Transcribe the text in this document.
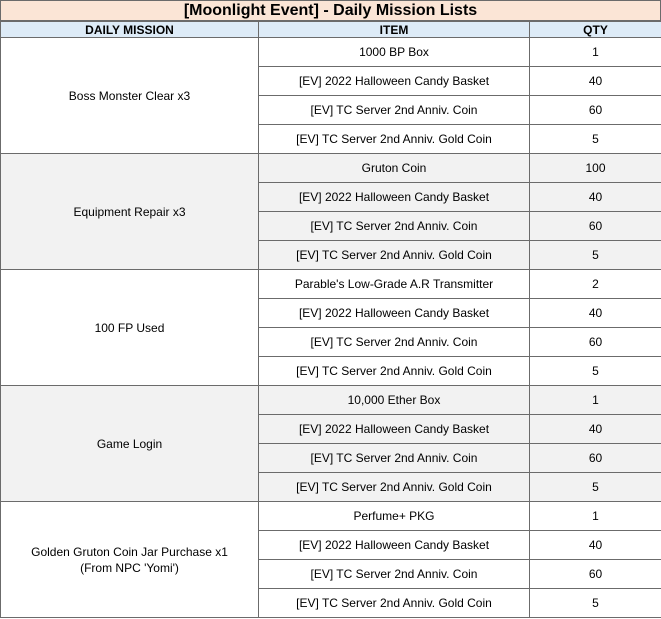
[Moonlight Event] - Daily Mission Lists
DAILY MISSION	ITEM	QTY

Boss Monster Clear x3	1000 BP Box	1
	[EV] 2022 Halloween Candy Basket	40
	[EV] TC Server 2nd Anniv. Coin	60
	[EV] TC Server 2nd Anniv. Gold Coin	5

Equipment Repair x3	Gruton Coin	100
	[EV] 2022 Halloween Candy Basket	40
	[EV] TC Server 2nd Anniv. Coin	60
	[EV] TC Server 2nd Anniv. Gold Coin	5

100 FP Used	Parable's Low-Grade A.R Transmitter	2
	[EV] 2022 Halloween Candy Basket	40
	[EV] TC Server 2nd Anniv. Coin	60
	[EV] TC Server 2nd Anniv. Gold Coin	5

Game Login	10,000 Ether Box	1
	[EV] 2022 Halloween Candy Basket	40
	[EV] TC Server 2nd Anniv. Coin	60
	[EV] TC Server 2nd Anniv. Gold Coin	5

Golden Gruton Coin Jar Purchase x1
(From NPC 'Yomi')	Perfume+ PKG	1
	[EV] 2022 Halloween Candy Basket	40
	[EV] TC Server 2nd Anniv. Coin	60
	[EV] TC Server 2nd Anniv. Gold Coin	5
